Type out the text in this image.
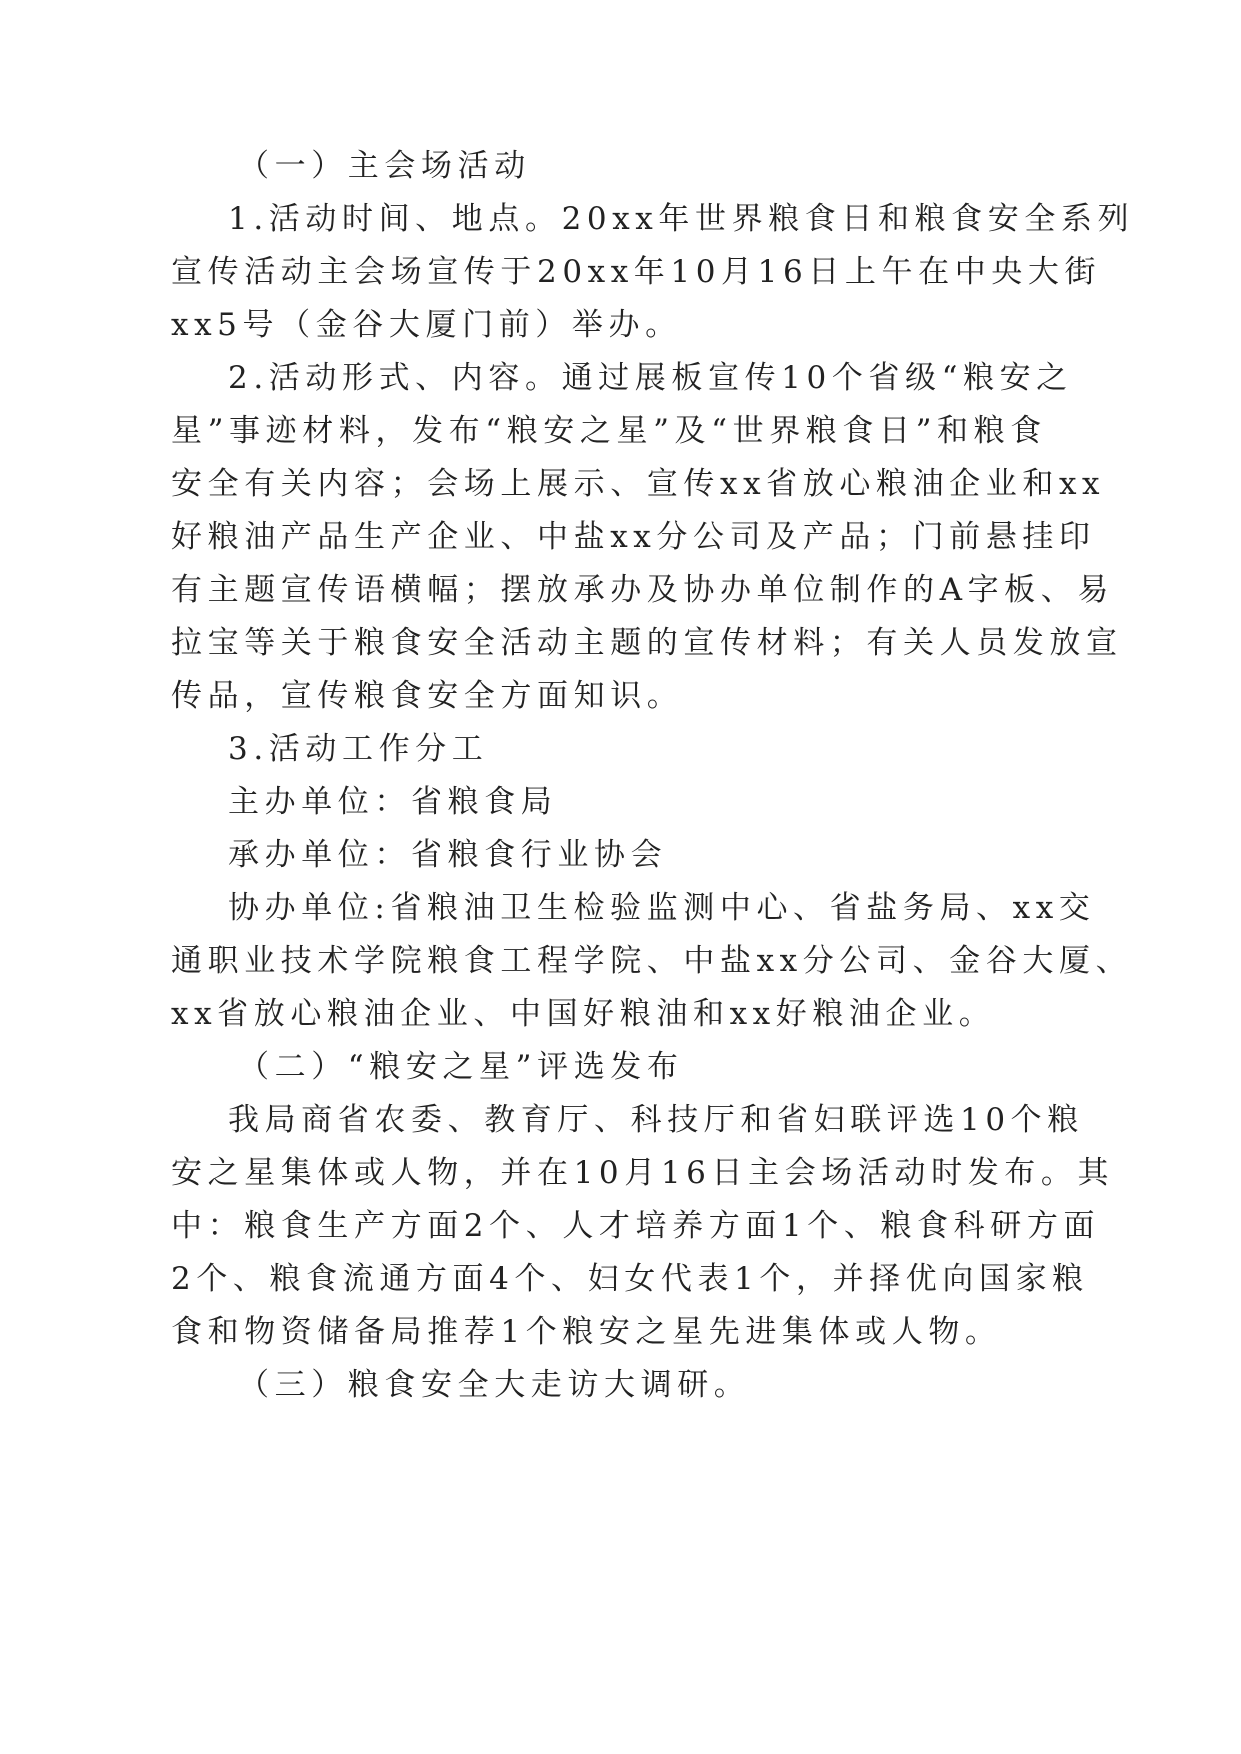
（一）主会场活动

1.活动时间、地点。20xx年世界粮食日和粮食安全系列

宣传活动主会场宣传于20xx年10月16日上午在中央大街

xx5号（金谷大厦门前）举办。

2.活动形式、内容。通过展板宣传10个省级“粮安之

星”事迹材料，发布“粮安之星”及“世界粮食日”和粮食

安全有关内容；会场上展示、宣传xx省放心粮油企业和xx

好粮油产品生产企业、中盐xx分公司及产品；门前悬挂印

有主题宣传语横幅；摆放承办及协办单位制作的A字板、易

拉宝等关于粮食安全活动主题的宣传材料；有关人员发放宣

传品，宣传粮食安全方面知识。

3.活动工作分工

主办单位：省粮食局

承办单位：省粮食行业协会

协办单位:省粮油卫生检验监测中心、省盐务局、xx交

通职业技术学院粮食工程学院、中盐xx分公司、金谷大厦、

xx省放心粮油企业、中国好粮油和xx好粮油企业。

（二）“粮安之星”评选发布

我局商省农委、教育厅、科技厅和省妇联评选10个粮

安之星集体或人物，并在10月16日主会场活动时发布。其

中：粮食生产方面2个、人才培养方面1个、粮食科研方面

2个、粮食流通方面4个、妇女代表1个，并择优向国家粮

食和物资储备局推荐1个粮安之星先进集体或人物。

（三）粮食安全大走访大调研。
